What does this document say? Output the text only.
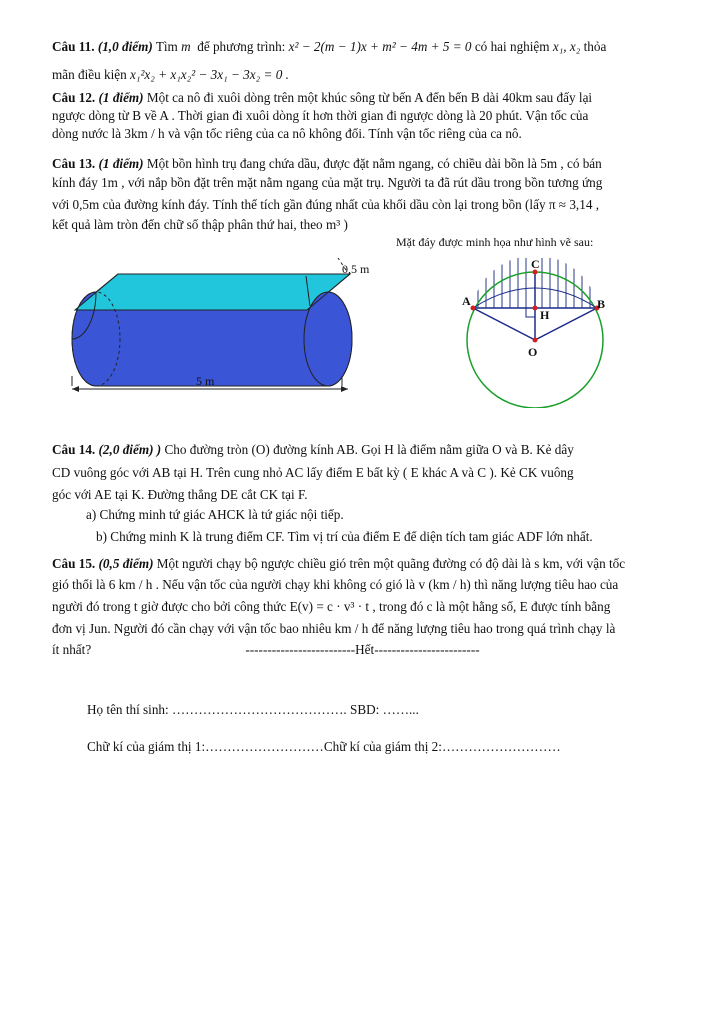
Câu 11. (1,0 điểm) Tìm m để phương trình: x² − 2(m − 1)x + m² − 4m + 5 = 0 có hai nghiệm x₁, x₂ thỏa
mãn điều kiện x₁²x₂ + x₁x₂² − 3x₁ − 3x₂ = 0 .
Câu 12. (1 điểm) Một ca nô đi xuôi dòng trên một khúc sông từ bến A đến bến B dài 40km sau đấy lại
ngược dòng từ B về A . Thời gian đi xuôi dòng ít hơn thời gian đi ngược dòng là 20 phút. Vận tốc của
dòng nước là 3km / h và vận tốc riêng của ca nô không đổi. Tính vận tốc riêng của ca nô.
Câu 13. (1 điểm) Một bồn hình trụ đang chứa dầu, được đặt nằm ngang, có chiều dài bồn là 5m , có bán
kính đáy 1m , với nắp bồn đặt trên mặt nằm ngang của mặt trụ. Người ta đã rút dầu trong bồn tương ứng
với 0,5m của đường kính đáy. Tính thể tích gần đúng nhất của khối dầu còn lại trong bồn (lấy π ≈ 3,14 ,
kết quả làm tròn đến chữ số thập phân thứ hai, theo m³ )
Mặt đáy được minh họa như hình vẽ sau:
0,5 m
5 m
C
A	B
H
O
Câu 14. (2,0 điểm) ) Cho đường tròn (O) đường kính AB. Gọi H là điểm nằm giữa O và B. Kẻ dây
CD vuông góc với AB tại H. Trên cung nhỏ AC lấy điểm E bất kỳ ( E khác A và C ). Kẻ CK vuông
góc với AE tại K. Đường thẳng DE cắt CK tại F.
a) Chứng minh tứ giác AHCK là tứ giác nội tiếp.
b) Chứng minh K là trung điểm CF. Tìm vị trí của điểm E để diện tích tam giác ADF lớn nhất.
Câu 15. (0,5 điểm) Một người chạy bộ ngược chiều gió trên một quãng đường có độ dài là s km, với vận tốc
gió thổi là 6 km / h . Nếu vận tốc của người chạy khi không có gió là v (km / h) thì năng lượng tiêu hao của
người đó trong t giờ được cho bởi công thức E(v) = c · v³ · t , trong đó c là một hằng số, E được tính bằng
đơn vị Jun. Người đó cần chạy với vận tốc bao nhiêu km / h để năng lượng tiêu hao trong quá trình chạy là
ít nhất?	-------------------------Hết------------------------
Họ tên thí sinh: …………………………………. SBD: ……...
Chữ kí của giám thị 1:………………………Chữ kí của giám thị 2:………………………
